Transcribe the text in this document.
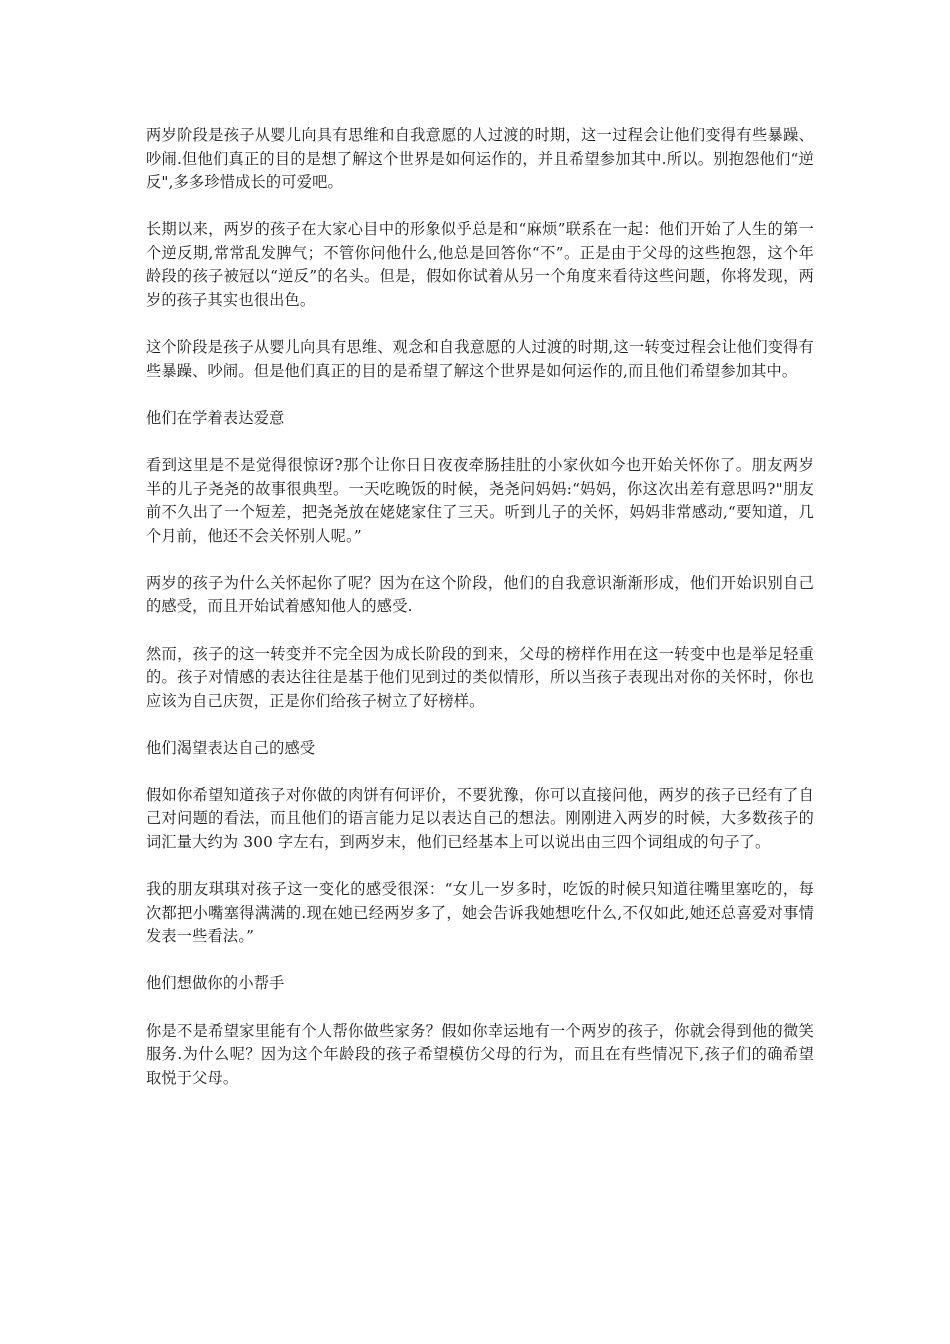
两岁阶段是孩子从婴儿向具有思维和自我意愿的人过渡的时期，这一过程会让他们变得有些暴躁、吵闹.但他们真正的目的是想了解这个世界是如何运作的，并且希望参加其中.所以。别抱怨他们“逆反",多多珍惜成长的可爱吧。

长期以来，两岁的孩子在大家心目中的形象似乎总是和“麻烦”联系在一起：他们开始了人生的第一个逆反期,常常乱发脾气；不管你问他什么,他总是回答你“不”。正是由于父母的这些抱怨，这个年龄段的孩子被冠以“逆反”的名头。但是，假如你试着从另一个角度来看待这些问题，你将发现，两岁的孩子其实也很出色。

这个阶段是孩子从婴儿向具有思维、观念和自我意愿的人过渡的时期,这一转变过程会让他们变得有些暴躁、吵闹。但是他们真正的目的是希望了解这个世界是如何运作的,而且他们希望参加其中。

他们在学着表达爱意

看到这里是不是觉得很惊讶?那个让你日日夜夜牵肠挂肚的小家伙如今也开始关怀你了。朋友两岁半的儿子尧尧的故事很典型。一天吃晚饭的时候，尧尧问妈妈:“妈妈，你这次出差有意思吗?"朋友前不久出了一个短差，把尧尧放在姥姥家住了三天。听到儿子的关怀，妈妈非常感动,“要知道，几个月前，他还不会关怀别人呢。”

两岁的孩子为什么关怀起你了呢？因为在这个阶段，他们的自我意识渐渐形成，他们开始识别自己的感受，而且开始试着感知他人的感受.

然而，孩子的这一转变并不完全因为成长阶段的到来，父母的榜样作用在这一转变中也是举足轻重的。孩子对情感的表达往往是基于他们见到过的类似情形，所以当孩子表现出对你的关怀时，你也应该为自己庆贺，正是你们给孩子树立了好榜样。

他们渴望表达自己的感受

假如你希望知道孩子对你做的肉饼有何评价，不要犹豫，你可以直接问他，两岁的孩子已经有了自己对问题的看法，而且他们的语言能力足以表达自己的想法。刚刚进入两岁的时候，大多数孩子的词汇量大约为 300 字左右，到两岁末，他们已经基本上可以说出由三四个词组成的句子了。

我的朋友琪琪对孩子这一变化的感受很深：“女儿一岁多时，吃饭的时候只知道往嘴里塞吃的，每次都把小嘴塞得满满的.现在她已经两岁多了，她会告诉我她想吃什么,不仅如此,她还总喜爱对事情发表一些看法。”

他们想做你的小帮手

你是不是希望家里能有个人帮你做些家务？假如你幸运地有一个两岁的孩子，你就会得到他的微笑服务.为什么呢？因为这个年龄段的孩子希望模仿父母的行为，而且在有些情况下,孩子们的确希望取悦于父母。
